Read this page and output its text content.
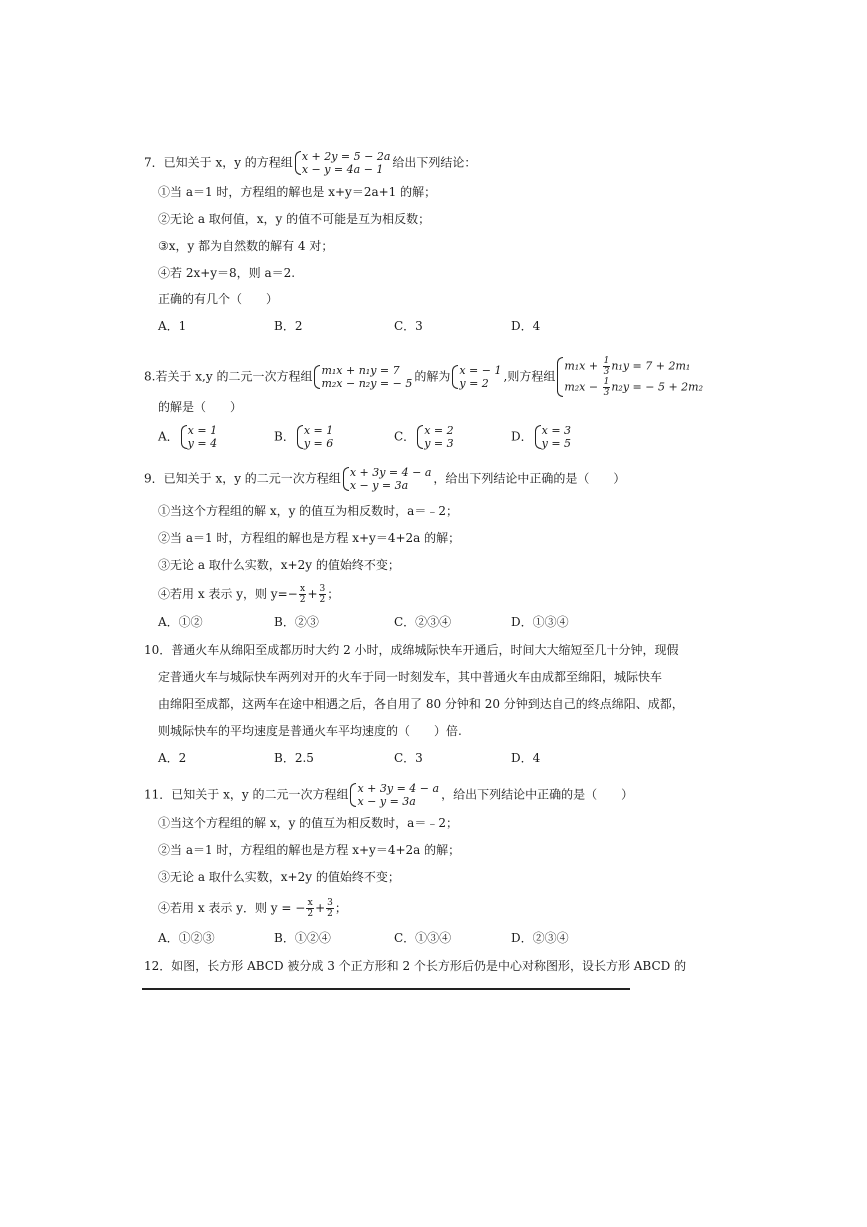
7．已知关于 x，y 的方程组 x + 2y = 5 − 2a
x − y = 4a − 1 给出下列结论：
①当 a＝1 时，方程组的解也是 x+y＝2a+1 的解；
②无论 a 取何值，x，y 的值不可能是互为相反数；
③x，y 都为自然数的解有 4 对；
④若 2x+y＝8，则 a＝2.
正确的有几个（　　）
A．1	B．2	C．3	D．4
8.若关于 x,y 的二元一次方程组 m₁x + n₁y = 7
m₂x − n₂y = − 5 的解为 x = − 1
y = 2	,则方程组
$m_1x + \frac{1}{3} n_1y = 7 + 2m_1$
$m_2x - \frac{1}{3} n_2y$ = − 5 + 2m₂
的解是（　　）
A． x = 1
y = 4	B． x = 1
y = 6	C． x = 2
y = 3	D． x = 3
y = 5
9．已知关于 x，y 的二元一次方程组 x + 3y = 4 − a
x − y = 3a	，给出下列结论中正确的是（　　）
①当这个方程组的解 x，y 的值互为相反数时，a＝﹣2；
②当 a＝1 时，方程组的解也是方程 x+y＝4+2a 的解；
③无论 a 取什么实数，x+2y 的值始终不变；
④若用 x 表示 y，则 $y=- \frac{x}{2} + \frac{3}{2}$ ；
A．①②	B．②③	C．②③④	D．①③④
10．普通火车从绵阳至成都历时大约 2 小时，成绵城际快车开通后，时间大大缩短至几十分钟，现假
定普通火车与城际快车两列对开的火车于同一时刻发车，其中普通火车由成都至绵阳，城际快车
由绵阳至成都，这两车在途中相遇之后，各自用了 80 分钟和 20 分钟到达自己的终点绵阳、成都，
则城际快车的平均速度是普通火车平均速度的（　　）倍.
A．2	B．2.5	C．3	D．4
11．已知关于 x，y 的二元一次方程组 x + 3y = 4 − a
x − y = 3a	，给出下列结论中正确的是（　　）
①当这个方程组的解 x，y 的值互为相反数时，a＝﹣2；
②当 a＝1 时，方程组的解也是方程 x+y＝4+2a 的解；
③无论 a 取什么实数，x+2y 的值始终不变；
④若用 x 表示 y．则 y = − $\frac{x}{2} + \frac{3}{2}$ ；
A．①②③	B．①②④	C．①③④	D．②③④
12．如图，长方形 ABCD 被分成 3 个正方形和 2 个长方形后仍是中心对称图形，设长方形 ABCD 的
